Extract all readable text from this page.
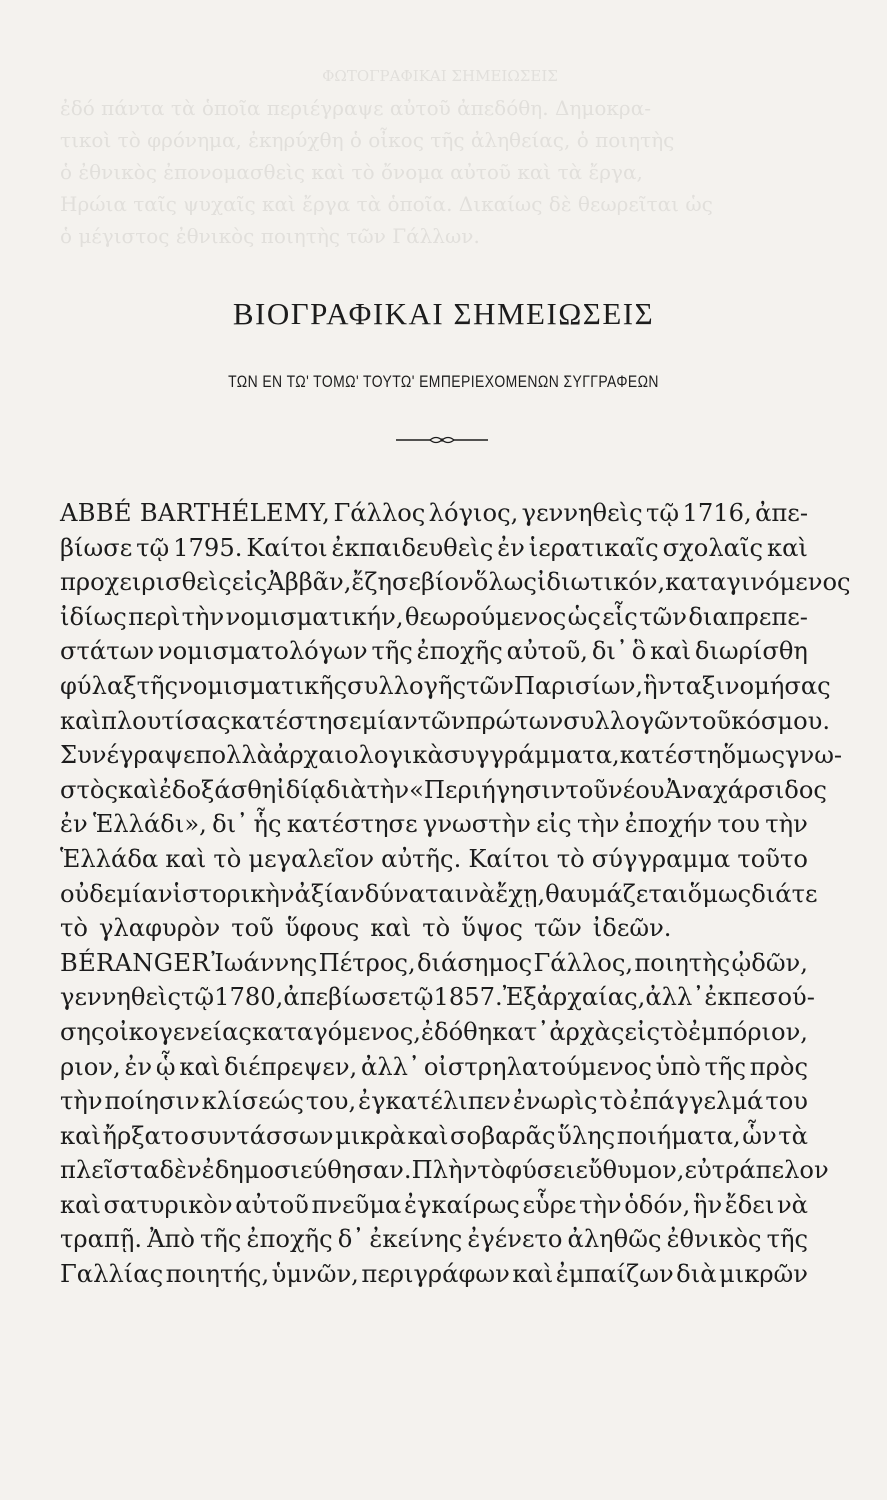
ΦΩΤΟΓΡΑΦΙΚΑΙ ΣΗΜΕΙΩΣΕΙΣ
ἐδό πάντα τὰ ὁποῖα περιέγραψε αὐτοῦ ἀπεδόθη. Δημοκρα-
τικοὶ τὸ φρόνημα, ἐκηρύχθη ὁ οἶκος τῆς ἀληθείας, ὁ ποιητὴς
ὁ ἐθνικὸς ἐπονομασθεὶς καὶ τὸ ὄνομα αὐτοῦ καὶ τὰ ἔργα,
Ηρώια ταῖς ψυχαῖς καὶ ἔργα τὰ ὁποῖα. Δικαίως δὲ θεωρεῖται ὡς
ὁ μέγιστος ἐθνικὸς ποιητὴς τῶν Γάλλων.
ΒΙΟΓΡΑΦΙΚΑΙ ΣΗΜΕΙΩΣΕΙΣ
ΤΩΝ ΕΝ ΤΩ' ΤΟΜΩ' ΤΟΥΤΩ' ΕΜΠΕΡΙΕΧΟΜΕΝΩΝ ΣΥΓΓΡΑΦΕΩΝ
ABBÉ BARTHÉLEMY, Γάλλος λόγιος, γεννηθεὶς τῷ 1716, ἀπε-
βίωσε τῷ 1795. Καίτοι ἐκπαιδευθεὶς ἐν ἱερατικαῖς σχολαῖς καὶ
προχειρισθεὶς εἰς Ἀββᾶν, ἔζησε βίον ὅλως ἰδιωτικόν, καταγινόμενος
ἰδίως περὶ τὴν νομισματικήν, θεωρούμενος ὡς εἷς τῶν διαπρεπε-
στάτων νομισματολόγων τῆς ἐποχῆς αὐτοῦ, δι᾿ ὃ καὶ διωρίσθη
φύλαξ τῆς νομισματικῆς συλλογῆς τῶν Παρισίων, ἣν ταξινομήσας
καὶ πλουτίσας κατέστησε μίαν τῶν πρώτων συλλογῶν τοῦ κόσμου.
Συνέγραψε πολλὰ ἀρχαιολογικὰ συγγράμματα, κατέστη ὅμως γνω-
στὸς καὶ ἐδοξάσθη ἰδίᾳ διὰ τὴν «Περιήγησιν τοῦ νέου Ἀναχάρσιδος
ἐν Ἑλλάδι», δι᾿ ἧς κατέστησε γνωστὴν εἰς τὴν ἐποχήν του τὴν
Ἑλλάδα καὶ τὸ μεγαλεῖον αὐτῆς. Καίτοι τὸ σύγγραμμα τοῦτο
οὐδεμίαν ἱστορικὴν ἀξίαν δύναται νὰ ἔχῃ, θαυμάζεται ὅμως διά τε
τὸ γλαφυρὸν τοῦ ὕφους καὶ τὸ ὕψος τῶν ἰδεῶν.
BÉRANGER Ἰωάννης Πέτρος, διάσημος Γάλλος, ποιητὴς ᾠδῶν,
γεννηθεὶς τῷ 1780, ἀπεβίωσε τῷ 1857. Ἐξ ἀρχαίας, ἀλλ᾿ ἐκπεσού-
σης οἰκογενείας καταγόμενος, ἐδόθη κατ᾿ ἀρχὰς εἰς τὸ ἐμπόριον,
ριον, ἐν ᾧ καὶ διέπρεψεν, ἀλλ᾿ οἰστρηλατούμενος ὑπὸ τῆς πρὸς
τὴν ποίησιν κλίσεώς του, ἐγκατέλιπεν ἐνωρὶς τὸ ἐπάγγελμά του
καὶ ἤρξατο συντάσσων μικρὰ καὶ σοβαρᾶς ὕλης ποιήματα, ὧν τὰ
πλεῖστα δὲν ἐδημοσιεύθησαν. Πλὴν τὸ φύσει εὔθυμον, εὐτράπελον
καὶ σατυρικὸν αὐτοῦ πνεῦμα ἐγκαίρως εὗρε τὴν ὁδόν, ἣν ἔδει νὰ
τραπῇ. Ἀπὸ τῆς ἐποχῆς δ᾿ ἐκείνης ἐγένετο ἀληθῶς ἐθνικὸς τῆς
Γαλλίας ποιητής, ὑμνῶν, περιγράφων καὶ ἐμπαίζων διὰ μικρῶν
